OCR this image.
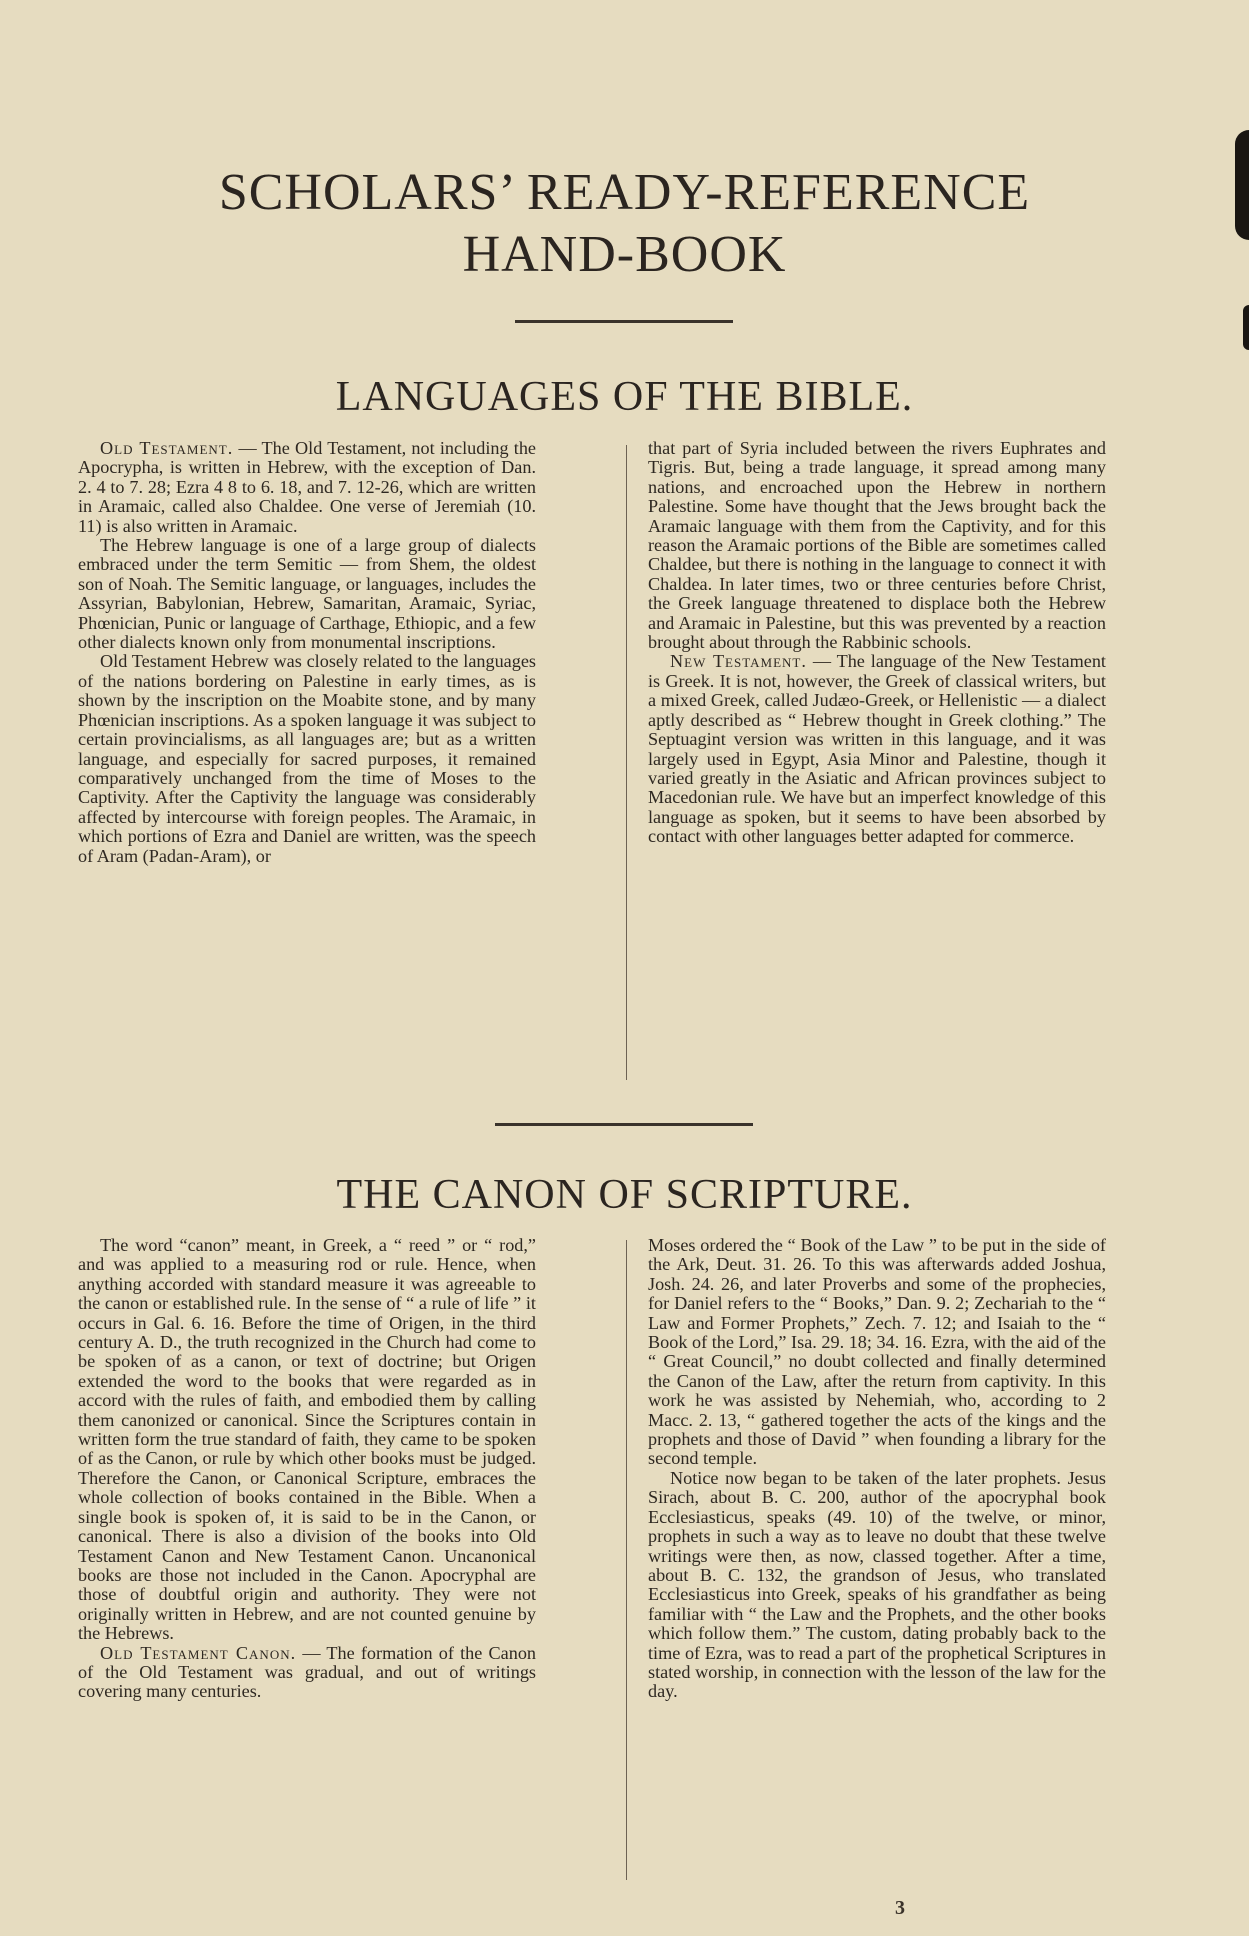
SCHOLARS’ READY-REFERENCE
HAND-BOOK
LANGUAGES OF THE BIBLE.

Old Testament. — The Old Testament, not including the Apocrypha, is written in Hebrew, with the exception of Dan. 2. 4 to 7. 28; Ezra 4 8 to 6. 18, and 7. 12-26, which are written in Aramaic, called also Chaldee. One verse of Jeremiah (10. 11) is also written in Aramaic.

The Hebrew language is one of a large group of dialects embraced under the term Semitic — from Shem, the oldest son of Noah. The Semitic language, or languages, includes the Assyrian, Babylonian, Hebrew, Samaritan, Aramaic, Syriac, Phœnician, Punic or language of Carthage, Ethiopic, and a few other dialects known only from monumental inscriptions.

Old Testament Hebrew was closely related to the languages of the nations bordering on Palestine in early times, as is shown by the inscription on the Moabite stone, and by many Phœnician inscriptions. As a spoken language it was subject to certain provincialisms, as all languages are; but as a written language, and especially for sacred purposes, it remained comparatively unchanged from the time of Moses to the Captivity. After the Captivity the language was considerably affected by intercourse with foreign peoples. The Aramaic, in which portions of Ezra and Daniel are written, was the speech of Aram (Padan-Aram), or

that part of Syria included between the rivers Euphrates and Tigris. But, being a trade language, it spread among many nations, and encroached upon the Hebrew in northern Palestine. Some have thought that the Jews brought back the Aramaic language with them from the Captivity, and for this reason the Aramaic portions of the Bible are sometimes called Chaldee, but there is nothing in the language to connect it with Chaldea. In later times, two or three centuries before Christ, the Greek language threatened to displace both the Hebrew and Aramaic in Palestine, but this was prevented by a reaction brought about through the Rabbinic schools.

New Testament. — The language of the New Testament is Greek. It is not, however, the Greek of classical writers, but a mixed Greek, called Judæo-Greek, or Hellenistic — a dialect aptly described as “ Hebrew thought in Greek clothing.” The Septuagint version was written in this language, and it was largely used in Egypt, Asia Minor and Palestine, though it varied greatly in the Asiatic and African provinces subject to Macedonian rule. We have but an imperfect knowledge of this language as spoken, but it seems to have been absorbed by contact with other languages better adapted for commerce.

THE CANON OF SCRIPTURE.

The word “canon” meant, in Greek, a “ reed ” or “ rod,” and was applied to a measuring rod or rule. Hence, when anything accorded with standard measure it was agreeable to the canon or established rule. In the sense of “ a rule of life ” it occurs in Gal. 6. 16. Before the time of Origen, in the third century A. D., the truth recognized in the Church had come to be spoken of as a canon, or text of doctrine; but Origen extended the word to the books that were regarded as in accord with the rules of faith, and embodied them by calling them canonized or canonical. Since the Scriptures contain in written form the true standard of faith, they came to be spoken of as the Canon, or rule by which other books must be judged. Therefore the Canon, or Canonical Scripture, embraces the whole collection of books contained in the Bible. When a single book is spoken of, it is said to be in the Canon, or canonical. There is also a division of the books into Old Testament Canon and New Testament Canon. Uncanonical books are those not included in the Canon. Apocryphal are those of doubtful origin and authority. They were not originally written in Hebrew, and are not counted genuine by the Hebrews.

Old Testament Canon. — The formation of the Canon of the Old Testament was gradual, and out of writings covering many centuries.

Moses ordered the “ Book of the Law ” to be put in the side of the Ark, Deut. 31. 26. To this was afterwards added Joshua, Josh. 24. 26, and later Proverbs and some of the prophecies, for Daniel refers to the “ Books,” Dan. 9. 2; Zechariah to the “ Law and Former Prophets,” Zech. 7. 12; and Isaiah to the “ Book of the Lord,” Isa. 29. 18; 34. 16. Ezra, with the aid of the “ Great Council,” no doubt collected and finally determined the Canon of the Law, after the return from captivity. In this work he was assisted by Nehemiah, who, according to 2 Macc. 2. 13, “ gathered together the acts of the kings and the prophets and those of David ” when founding a library for the second temple.

Notice now began to be taken of the later prophets. Jesus Sirach, about B. C. 200, author of the apocryphal book Ecclesiasticus, speaks (49. 10) of the twelve, or minor, prophets in such a way as to leave no doubt that these twelve writings were then, as now, classed together. After a time, about B. C. 132, the grandson of Jesus, who translated Ecclesiasticus into Greek, speaks of his grandfather as being familiar with “ the Law and the Prophets, and the other books which follow them.” The custom, dating probably back to the time of Ezra, was to read a part of the prophetical Scriptures in stated worship, in connection with the lesson of the law for the day.

3
